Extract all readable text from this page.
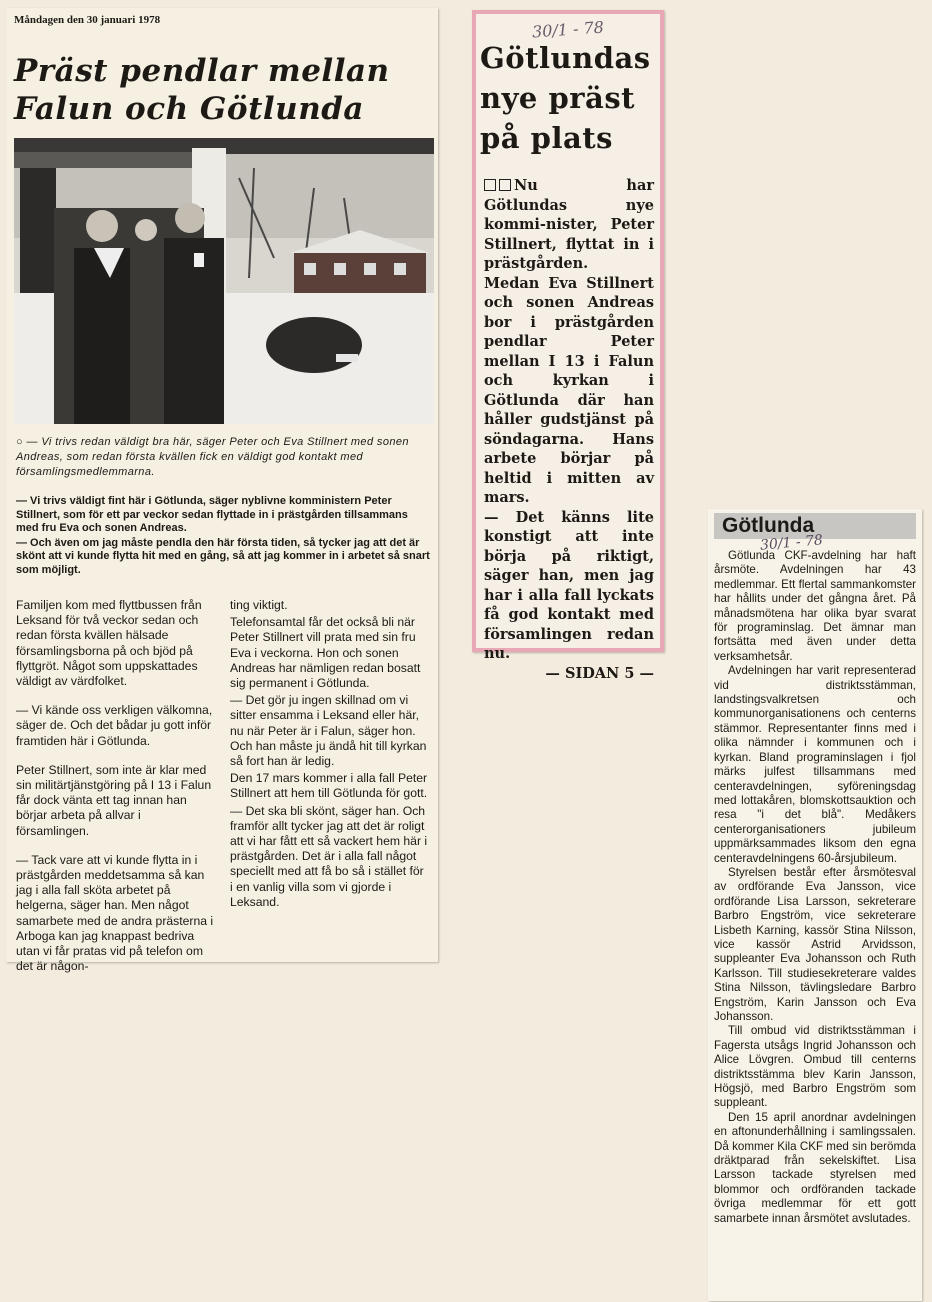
Måndagen den 30 januari 1978
Präst pendlar mellan
Falun och Götlunda
○ — Vi trivs redan väldigt bra här, säger Peter och Eva Stillnert med sonen Andreas, som redan första kvällen fick en väldigt god kontakt med församlingsmedlemmarna.

— Vi trivs väldigt fint här i Götlunda, säger nyblivne komministern Peter Stillnert, som för ett par veckor sedan flyttade in i prästgården tillsammans med fru Eva och sonen Andreas.

— Och även om jag måste pendla den här första tiden, så tycker jag att det är skönt att vi kunde flytta hit med en gång, så att jag kommer in i arbetet så snart som möjligt.

Familjen kom med flyttbussen från Leksand för två veckor sedan och redan första kvällen hälsade församlingsborna på och bjöd på flyttgröt. Något som uppskattades väldigt av värdfolket.

— Vi kände oss verkligen välkomna, säger de. Och det bådar ju gott inför framtiden här i Götlunda.

Peter Stillnert, som inte är klar med sin militärtjänstgöring på I 13 i Falun får dock vänta ett tag innan han börjar arbeta på allvar i församlingen.

— Tack vare att vi kunde flytta in i prästgården meddetsamma så kan jag i alla fall sköta arbetet på helgerna, säger han. Men något samarbete med de andra prästerna i Arboga kan jag knappast bedriva utan vi får pratas vid på telefon om det är någon-

ting viktigt.

Telefonsamtal får det också bli när Peter Stillnert vill prata med sin fru Eva i veckorna. Hon och sonen Andreas har nämligen redan bosatt sig permanent i Götlunda.

— Det gör ju ingen skillnad om vi sitter ensamma i Leksand eller här, nu när Peter är i Falun, säger hon. Och han måste ju ändå hit till kyrkan så fort han är ledig.

Den 17 mars kommer i alla fall Peter Stillnert att hem till Götlunda för gott.

— Det ska bli skönt, säger han. Och framför allt tycker jag att det är roligt att vi har fått ett så vackert hem här i prästgården. Det är i alla fall något speciellt med att få bo så i stället för i en vanlig villa som vi gjorde i Leksand.

30/1 - 78
Götlundas
nye präst
på plats

Nu har Götlundas nye kommi-nister, Peter Stillnert, flyttat in i prästgården.

Medan Eva Stillnert och sonen Andreas bor i prästgården pendlar Peter mellan I 13 i Falun och kyrkan i Götlunda där han håller gudstjänst på söndagarna. Hans arbete börjar på heltid i mitten av mars.

— Det känns lite konstigt att inte börja på riktigt, säger han, men jag har i alla fall lyckats få god kontakt med församlingen redan nu.

— SIDAN 5 —

Götlunda
30/1 - 78

Götlunda CKF-avdelning har haft årsmöte. Avdelningen har 43 medlemmar. Ett flertal sammankomster har hållits under det gångna året. På månadsmötena har olika byar svarat för programinslag. Det ämnar man fortsätta med även under detta verksamhetsår.

Avdelningen har varit representerad vid distriktsstämman, landstingsvalkretsen och kommunorganisationens och centerns stämmor. Representanter finns med i olika nämnder i kommunen och i kyrkan. Bland programinslagen i fjol märks julfest tillsammans med centeravdelningen, syföreningsdag med lottakåren, blomskottsauktion och resa "i det blå". Medåkers centerorganisationers jubileum uppmärksammades liksom den egna centeravdelningens 60-årsjubileum.

Styrelsen består efter årsmötesval av ordförande Eva Jansson, vice ordförande Lisa Larsson, sekreterare Barbro Engström, vice sekreterare Lisbeth Karning, kassör Stina Nilsson, vice kassör Astrid Arvidsson, suppleanter Eva Johansson och Ruth Karlsson. Till studiesekreterare valdes Stina Nilsson, tävlingsledare Barbro Engström, Karin Jansson och Eva Johansson.

Till ombud vid distriktsstämman i Fagersta utsågs Ingrid Johansson och Alice Lövgren. Ombud till centerns distriktsstämma blev Karin Jansson, Högsjö, med Barbro Engström som suppleant.

Den 15 april anordnar avdelningen en aftonunderhållning i samlingssalen. Då kommer Kila CKF med sin berömda dräktparad från sekelskiftet. Lisa Larsson tackade styrelsen med blommor och ordföranden tackade övriga medlemmar för ett gott samarbete innan årsmötet avslutades.
